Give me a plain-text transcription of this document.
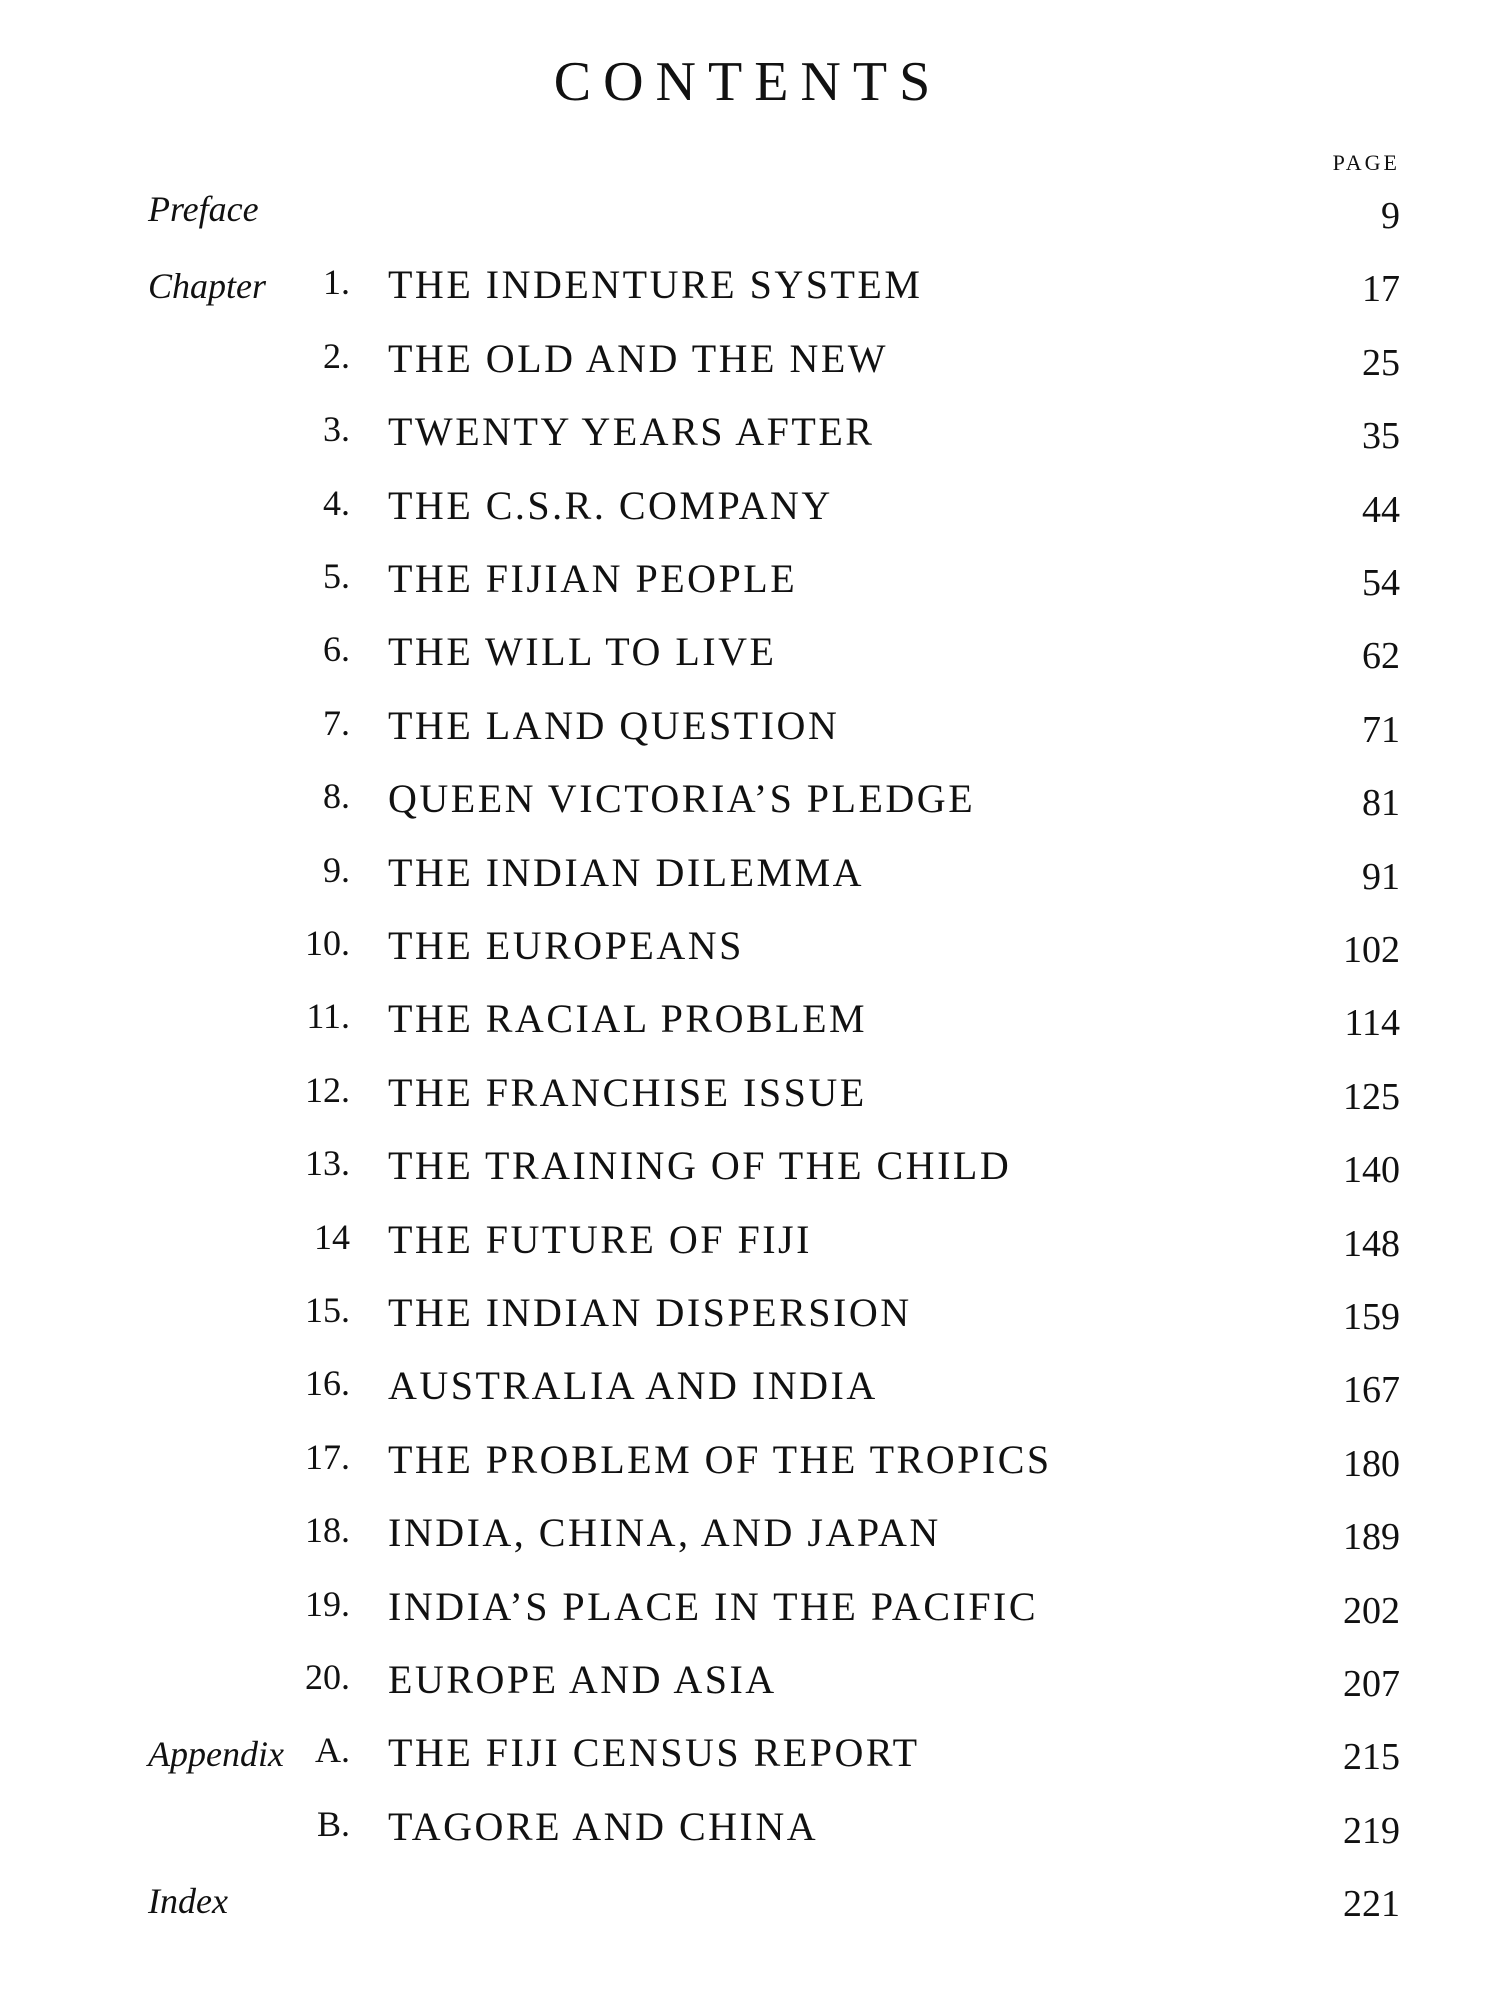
CONTENTS
PAGE
Preface	9
Chapter 1. THE INDENTURE SYSTEM	17
2. THE OLD AND THE NEW	25
3. TWENTY YEARS AFTER	35
4. THE C.S.R. COMPANY	44
5. THE FIJIAN PEOPLE	54
6. THE WILL TO LIVE	62
7. THE LAND QUESTION	71
8. QUEEN VICTORIA’S PLEDGE	81
9. THE INDIAN DILEMMA	91
10. THE EUROPEANS	102
11. THE RACIAL PROBLEM	114
12. THE FRANCHISE ISSUE	125
13. THE TRAINING OF THE CHILD	140
14 THE FUTURE OF FIJI	148
15. THE INDIAN DISPERSION	159
16. AUSTRALIA AND INDIA	167
17. THE PROBLEM OF THE TROPICS	180
18. INDIA, CHINA, AND JAPAN	189
19. INDIA’S PLACE IN THE PACIFIC	202
20. EUROPE AND ASIA	207
Appendix A. THE FIJI CENSUS REPORT	215
B. TAGORE AND CHINA	219
Index	221
